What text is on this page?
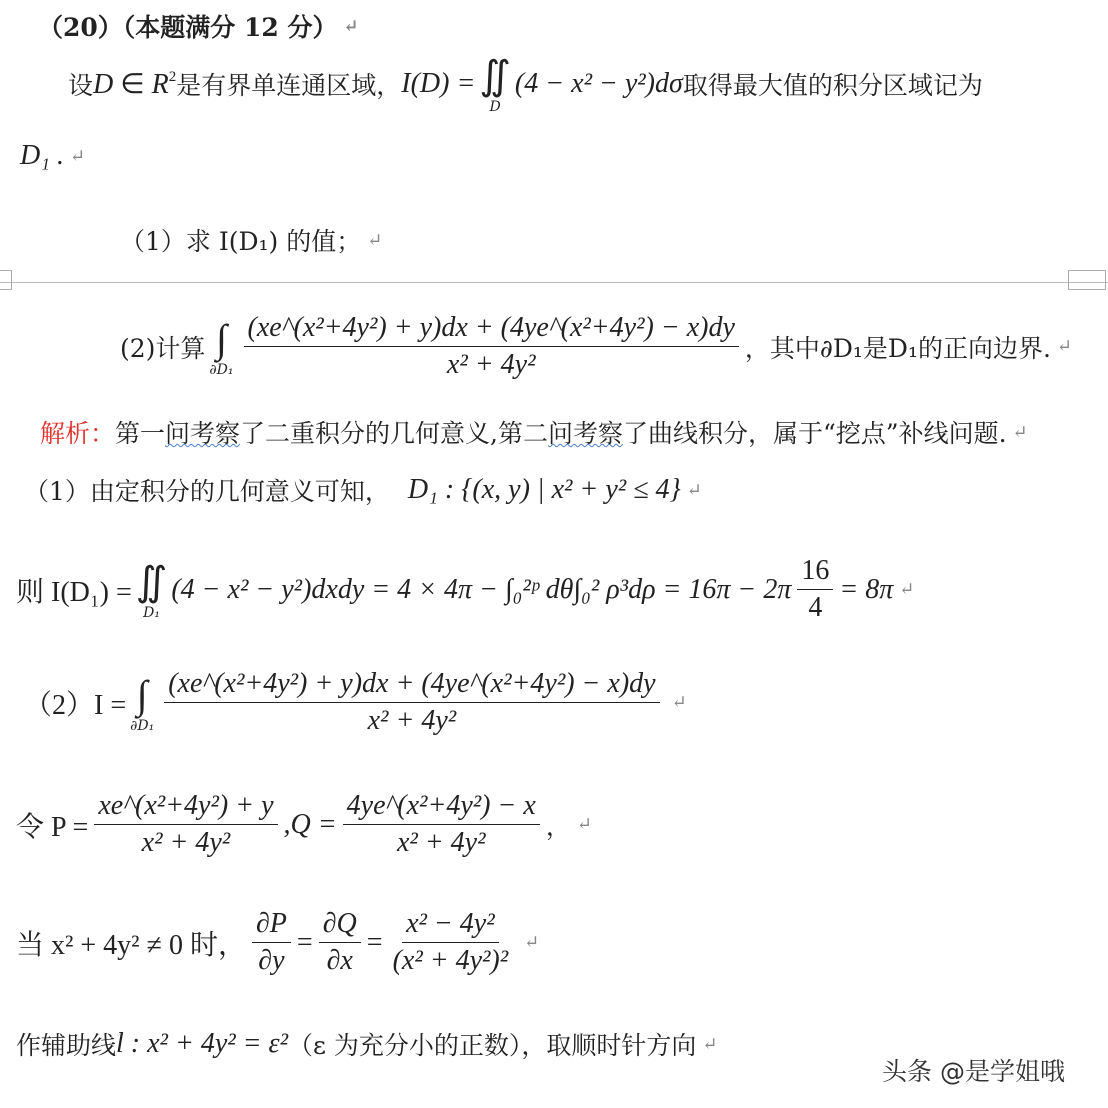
（20）（本题满分 12 分） ↵
设 D ∈ $R^2$ 是有界单连通区域， I(D) = ∬
D
(4 − x² − y²)dσ 取得最大值的积分区域记为
D₁ . ↵
（1）求 I(D₁) 的值； ↵
(2)计算 ∫
$\partial D_1 \frac{\text{(xe\textasciicircum{}(x²+4y²) + y)dx + (4ye\textasciicircum{}(x²+4y²) − x)dy}}{\text{x² + 4y²}}$ ，其中∂D₁是D₁的正向边界. ↵
解析： 第一 问考察 了二重积分的几何意义,第二 问考察 了曲线积分，属于“挖点”补线问题. ↵
（1）由定积分的几何意义可知， D₁ : {(x, y) | x² + y² ≤ 4} ↵
则 I(D₁) = ∬
D₁
(4 − x² − y²)dxdy = 4 × 4π − ∫₀²ᵖ dθ∫₀² $\rho^3d\rho = 16\pi - 2\pi \frac{16}{4} = 8\pi$ ↵
（2）I = ∫
$\partial D_1 \frac{\text{(xe\textasciicircum{}(x²+4y²) + y)dx + (4ye\textasciicircum{}(x²+4y²) − x)dy}}{\text{x² + 4y²}}$ ↵
令 $P = \frac{\text{xe\textasciicircum{}(x²+4y²) + y}}{\text{x² + 4y²}} ,Q = \frac{\text{4ye\textasciicircum{}(x²+4y²) − x}}{\text{x² + 4y²}}$ ， ↵
当 x² + 4y² ≠ 0 时， $\frac{\partial P}{\partial y} = \frac{\partial Q}{\partial x} = \frac{\text{x² − 4y²}}{\text{(x² + 4y²)²}}$ ↵
作辅助线 l : x² + 4y² = ε² （ε 为充分小的正数），取顺时针方向 ↵
头条 @是学姐哦
